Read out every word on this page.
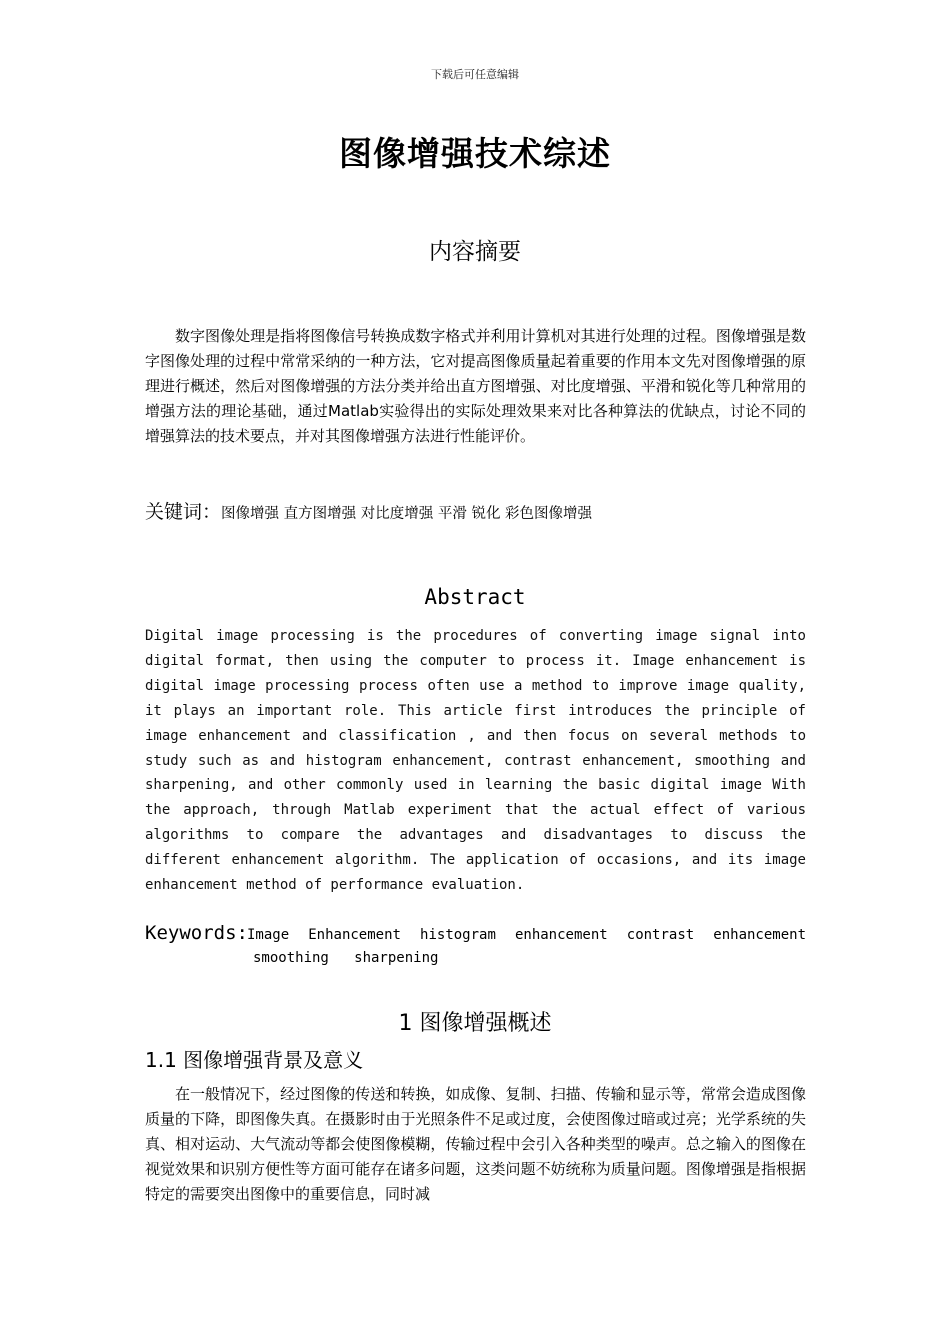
下载后可任意编辑
图像增强技术综述
内容摘要

数字图像处理是指将图像信号转换成数字格式并利用计算机对其进行处理的过程。图像增强是数字图像处理的过程中常常采纳的一种方法，它对提高图像质量起着重要的作用本文先对图像增强的原理进行概述，然后对图像增强的方法分类并给出直方图增强、对比度增强、平滑和锐化等几种常用的增强方法的理论基础，通过Matlab实验得出的实际处理效果来对比各种算法的优缺点，讨论不同的增强算法的技术要点，并对其图像增强方法进行性能评价。

关键词：图像增强 直方图增强 对比度增强 平滑 锐化 彩色图像增强
Abstract

Digital image processing is the procedures of converting image signal into digital format, then using the computer to process it. Image enhancement is digital image processing process often use a method to improve image quality, it plays an important role. This article first introduces the principle of image enhancement and classification , and then focus on several methods to study such as and histogram enhancement, contrast enhancement, smoothing and sharpening, and other commonly used in learning the basic digital image With the approach, through Matlab experiment that the actual effect of various algorithms to compare the advantages and disadvantages to discuss the different enhancement algorithm. The application of occasions, and its image enhancement method of performance evaluation.

Keywords: Image Enhancement histogram enhancement contrast enhancement
smoothing   sharpening
1 图像增强概述
1.1 图像增强背景及意义

在一般情况下，经过图像的传送和转换，如成像、复制、扫描、传输和显示等，常常会造成图像质量的下降，即图像失真。在摄影时由于光照条件不足或过度，会使图像过暗或过亮；光学系统的失真、相对运动、大气流动等都会使图像模糊，传输过程中会引入各种类型的噪声。总之输入的图像在视觉效果和识别方便性等方面可能存在诸多问题，这类问题不妨统称为质量问题。图像增强是指根据特定的需要突出图像中的重要信息，同时减
